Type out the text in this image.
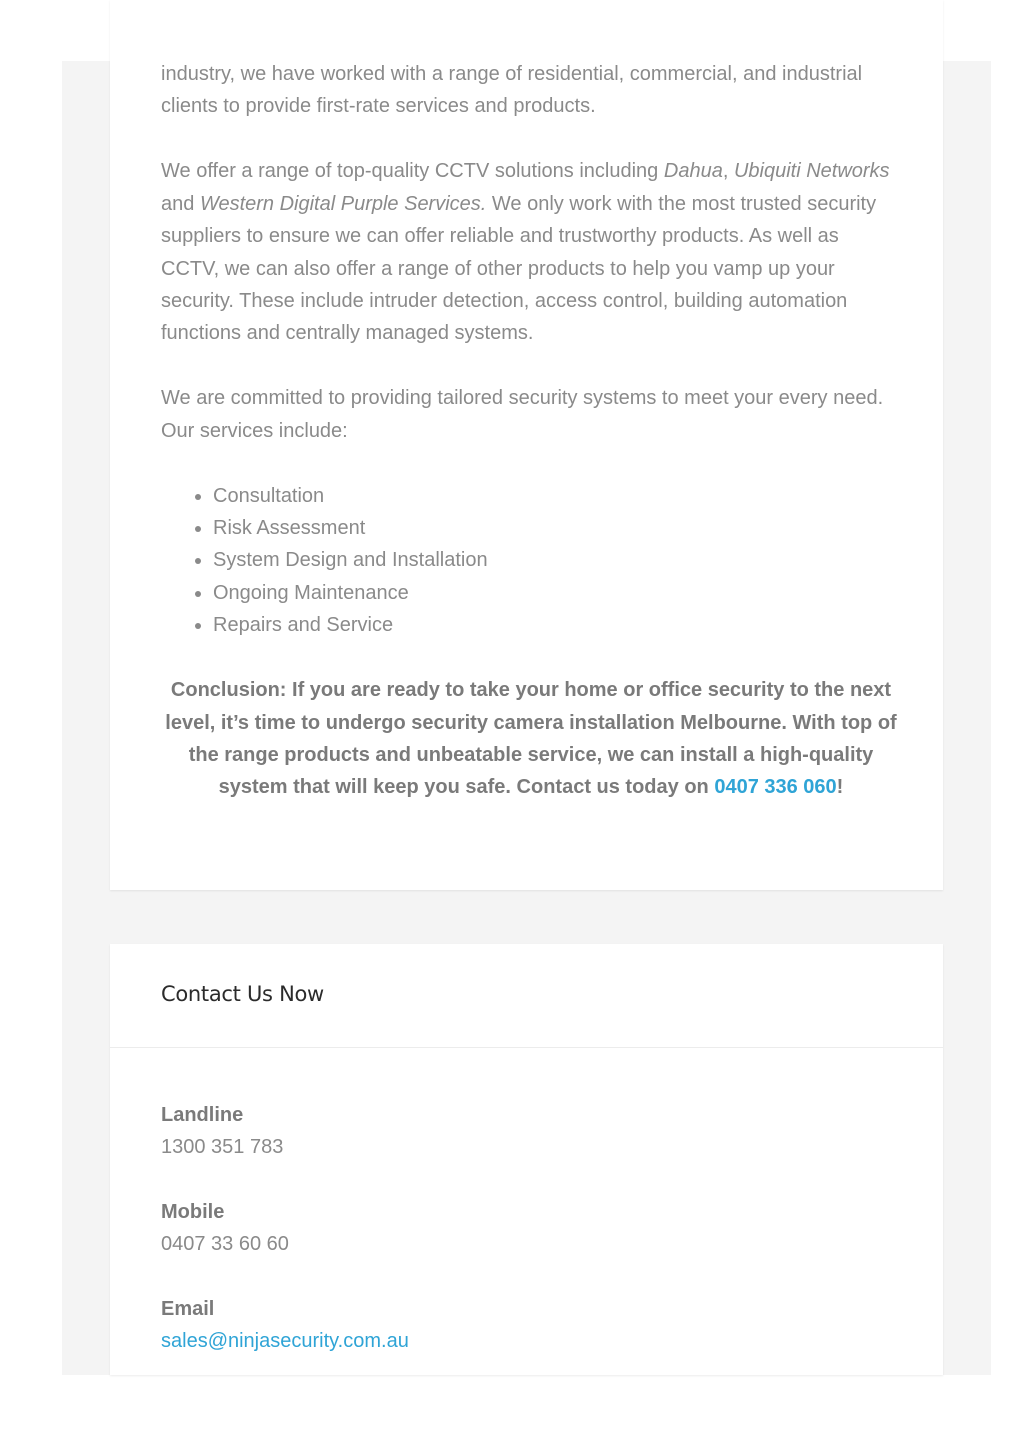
industry, we have worked with a range of residential, commercial, and industrial clients to provide first-rate services and products.

We offer a range of top-quality CCTV solutions including Dahua, Ubiquiti Networks and Western Digital Purple Services. We only work with the most trusted security suppliers to ensure we can offer reliable and trustworthy products. As well as CCTV, we can also offer a range of other products to help you vamp up your security. These include intruder detection, access control, building automation functions and centrally managed systems.

We are committed to providing tailored security systems to meet your every need. Our services include:

• Consultation
• Risk Assessment
• System Design and Installation
• Ongoing Maintenance
• Repairs and Service

Conclusion: If you are ready to take your home or office security to the next level, it’s time to undergo security camera installation Melbourne. With top of the range products and unbeatable service, we can install a high-quality system that will keep you safe. Contact us today on 0407 336 060!

Contact Us Now
Landline
1300 351 783
Mobile
0407 33 60 60
Email
sales@ninjasecurity.com.au
